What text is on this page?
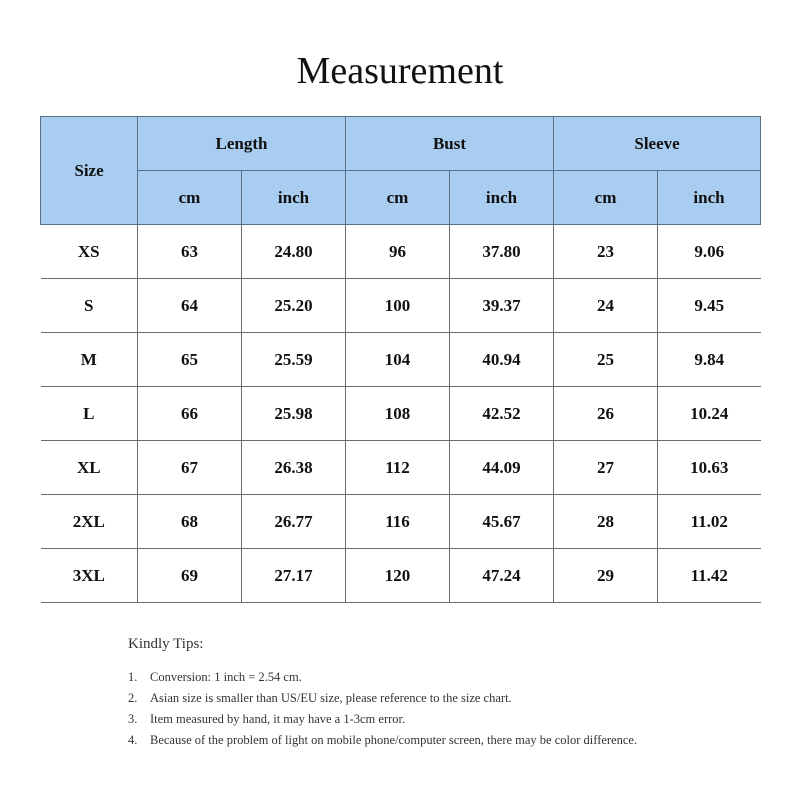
Measurement
Size	Length		Bust		Sleeve	
	cm	inch	cm	inch	cm	inch
XS	63	24.80	96	37.80	23	9.06
S	64	25.20	100	39.37	24	9.45
M	65	25.59	104	40.94	25	9.84
L	66	25.98	108	42.52	26	10.24
XL	67	26.38	112	44.09	27	10.63
2XL	68	26.77	116	45.67	28	11.02
3XL	69	27.17	120	47.24	29	11.42
Kindly Tips:
1.	Conversion: 1 inch = 2.54 cm.
2.	Asian size is smaller than US/EU size, please reference to the size chart.
3.	Item measured by hand, it may have a 1-3cm error.
4.	Because of the problem of light on mobile phone/computer screen, there may be color difference.
